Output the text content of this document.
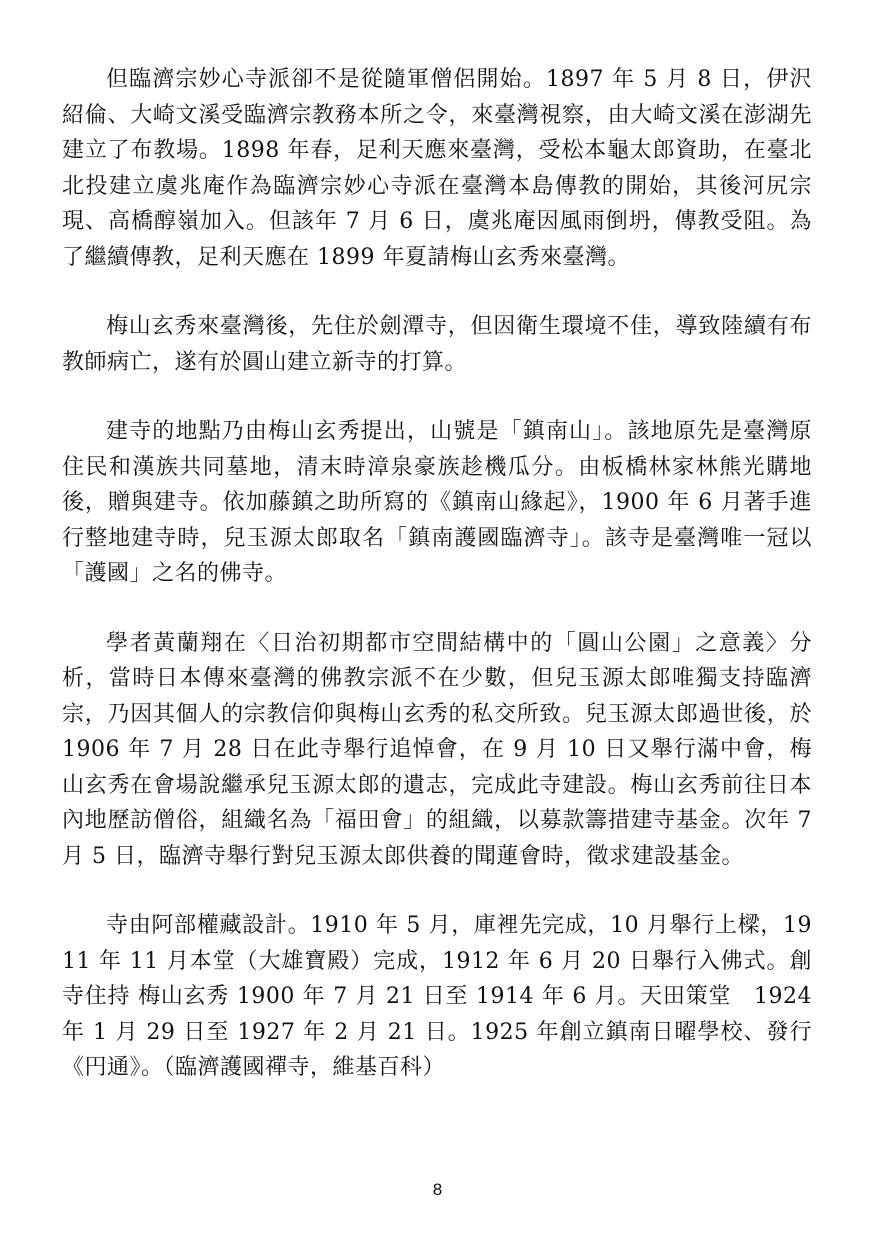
但臨濟宗妙心寺派卻不是從隨軍僧侶開始。1897 年 5 月 8 日，伊沢紹倫、大崎文溪受臨濟宗教務本所之令，來臺灣視察，由大崎文溪在澎湖先建立了布教場。1898 年春，足利天應來臺灣，受松本龜太郎資助，在臺北北投建立虞兆庵作為臨濟宗妙心寺派在臺灣本島傳教的開始，其後河尻宗現、高橋醇嶺加入。但該年 7 月 6 日，虞兆庵因風雨倒坍，傳教受阻。為了繼續傳教，足利天應在 1899 年夏請梅山玄秀來臺灣。

梅山玄秀來臺灣後，先住於劍潭寺，但因衛生環境不佳，導致陸續有布教師病亡，遂有於圓山建立新寺的打算。

建寺的地點乃由梅山玄秀提出，山號是「鎮南山」。該地原先是臺灣原住民和漢族共同墓地，清末時漳泉豪族趁機瓜分。由板橋林家林熊光購地後，贈與建寺。依加藤鎮之助所寫的《鎮南山緣起》，1900 年 6 月著手進行整地建寺時，兒玉源太郎取名「鎮南護國臨濟寺」。該寺是臺灣唯一冠以「護國」之名的佛寺。

學者黃蘭翔在〈日治初期都市空間結構中的「圓山公園」之意義〉分析，當時日本傳來臺灣的佛教宗派不在少數，但兒玉源太郎唯獨支持臨濟宗，乃因其個人的宗教信仰與梅山玄秀的私交所致。兒玉源太郎過世後，於 1906 年 7 月 28 日在此寺舉行追悼會，在 9 月 10 日又舉行滿中會，梅山玄秀在會場說繼承兒玉源太郎的遺志，完成此寺建設。梅山玄秀前往日本內地歷訪僧俗，組織名為「福田會」的組織，以募款籌措建寺基金。次年 7 月 5 日，臨濟寺舉行對兒玉源太郎供養的聞蓮會時，徵求建設基金。

寺由阿部權藏設計。1910 年 5 月，庫裡先完成，10 月舉行上樑，1911 年 11 月本堂（大雄寶殿）完成，1912 年 6 月 20 日舉行入佛式。創寺住持 梅山玄秀 1900 年 7 月 21 日至 1914 年 6 月。天田策堂　1924 年 1 月 29 日至 1927 年 2 月 21 日。1925 年創立鎮南日曜學校、發行《円通》。（臨濟護國禪寺，維基百科）

8
